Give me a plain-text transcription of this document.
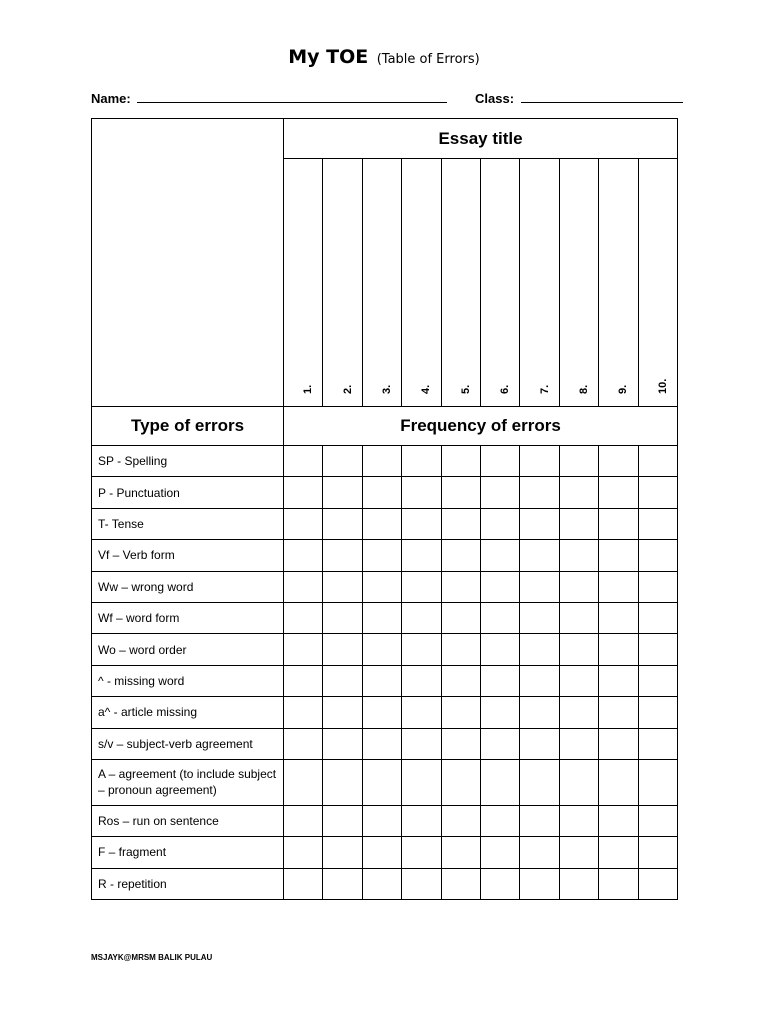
My TOE (Table of Errors)
Name:	Class:
	Essay title									

	1.	2.	3.	4.	5.	6.	7.	8.	9.	10.

Type of errors	Frequency of errors									
SP - Spelling										
P - Punctuation										
T- Tense										
Vf – Verb form										
Ww – wrong word										
Wf – word form										
Wo – word order										
^ - missing word										
a^ - article missing										
s/v – subject-verb agreement										
A – agreement (to include subject – pronoun agreement)										
Ros – run on sentence										
F – fragment										
R - repetition										
MSJAYK@MRSM BALIK PULAU
